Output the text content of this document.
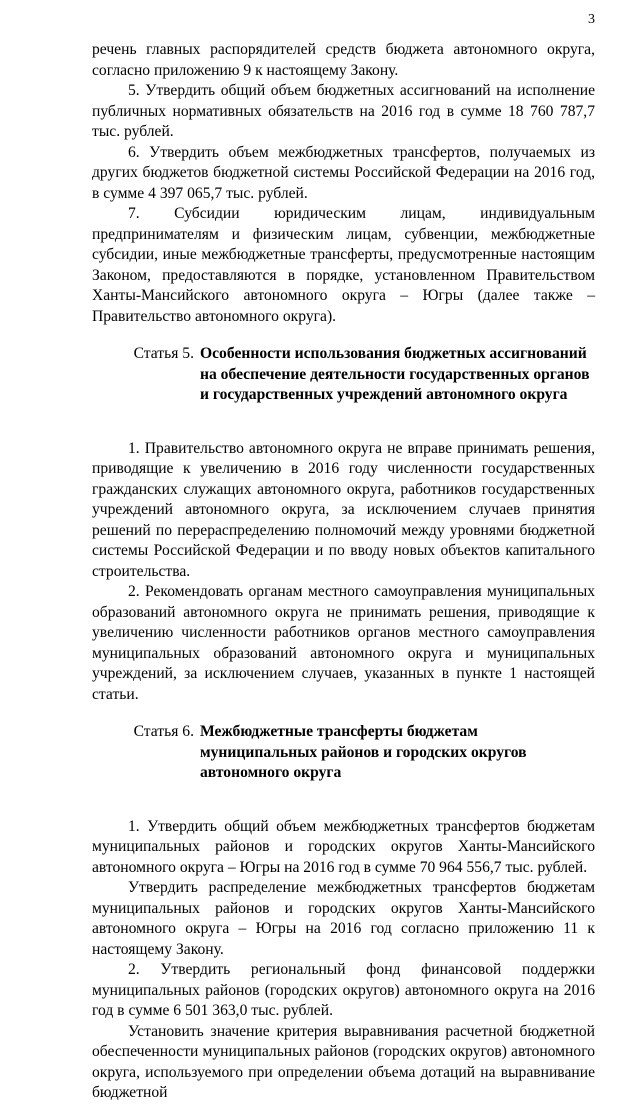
3

речень главных распорядителей средств бюджета автономного округа, согласно приложению 9 к настоящему Закону.

5. Утвердить общий объем бюджетных ассигнований на исполнение публичных нормативных обязательств на 2016 год в сумме 18 760 787,7 тыс. рублей.

6. Утвердить объем межбюджетных трансфертов, получаемых из других бюджетов бюджетной системы Российской Федерации на 2016 год, в сумме 4 397 065,7 тыс. рублей.

7. Субсидии юридическим лицам, индивидуальным предпринимателям и физическим лицам, субвенции, межбюджетные субсидии, иные межбюджетные трансферты, предусмотренные настоящим Законом, предоставляются в порядке, установленном Правительством Ханты-Мансийского автономного округа – Югры (далее также – Правительство автономного округа).

Статья 5. Особенности использования бюджетных ассигнований на обеспечение деятельности государственных органов и государственных учреждений автономного округа

1. Правительство автономного округа не вправе принимать решения, приводящие к увеличению в 2016 году численности государственных гражданских служащих автономного округа, работников государственных учреждений автономного округа, за исключением случаев принятия решений по перераспределению полномочий между уровнями бюджетной системы Российской Федерации и по вводу новых объектов капитального строительства.

2. Рекомендовать органам местного самоуправления муниципальных образований автономного округа не принимать решения, приводящие к увеличению численности работников органов местного самоуправления муниципальных образований автономного округа и муниципальных учреждений, за исключением случаев, указанных в пункте 1 настоящей статьи.

Статья 6. Межбюджетные трансферты бюджетам муниципальных районов и городских округов автономного округа

1. Утвердить общий объем межбюджетных трансфертов бюджетам муниципальных районов и городских округов Ханты-Мансийского автономного округа – Югры на 2016 год в сумме 70 964 556,7 тыс. рублей.

Утвердить распределение межбюджетных трансфертов бюджетам муниципальных районов и городских округов Ханты-Мансийского автономного округа – Югры на 2016 год согласно приложению 11 к настоящему Закону.

2. Утвердить региональный фонд финансовой поддержки муниципальных районов (городских округов) автономного округа на 2016 год в сумме 6 501 363,0 тыс. рублей.

Установить значение критерия выравнивания расчетной бюджетной обеспеченности муниципальных районов (городских округов) автономного округа, используемого при определении объема дотаций на выравнивание бюджетной
